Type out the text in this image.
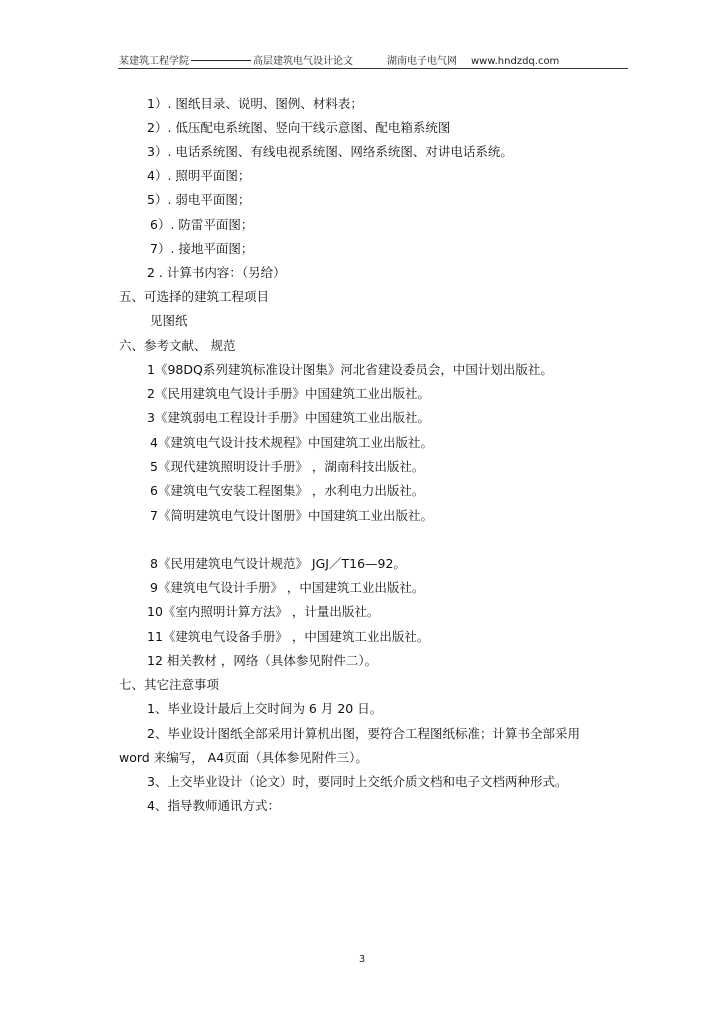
某建筑工程学院	高层建筑电气设计论文	湖南电子电气网 www.hndzdq.com
1）. 图纸目录、说明、图例、材料表；
2）. 低压配电系统图、竖向干线示意图、配电箱系统图
3）. 电话系统图、有线电视系统图、网络系统图、对讲电话系统。
4）. 照明平面图；
5）. 弱电平面图；
6）. 防雷平面图；
7）. 接地平面图；
2 . 计算书内容：（另给）
五、可选择的建筑工程项目
见图纸
六、参考文献、 规范
1《98DQ系列建筑标准设计图集》河北省建设委员会，中国计划出版社。
2《民用建筑电气设计手册》中国建筑工业出版社。
3《建筑弱电工程设计手册》中国建筑工业出版社。
4《建筑电气设计技术规程》中国建筑工业出版社。
5《现代建筑照明设计手册》 ，湖南科技出版社。
6《建筑电气安装工程图集》 ，水利电力出版社。
7《简明建筑电气设计图册》中国建筑工业出版社。
8《民用建筑电气设计规范》 JGJ／T16—92。
9《建筑电气设计手册》 ，中国建筑工业出版社。
10《室内照明计算方法》 ，计量出版社。
11《建筑电气设备手册》 ，中国建筑工业出版社。
12 相关教材 ，网络（具体参见附件二）。
七、其它注意事项
1、毕业设计最后上交时间为 6 月 20 日。
2、毕业设计图纸全部采用计算机出图，要符合工程图纸标准；计算书全部采用
word 来编写， A4页面（具体参见附件三）。
3、上交毕业设计（论文）时，要同时上交纸介质文档和电子文档两种形式。
4、指导教师通讯方式：
3
